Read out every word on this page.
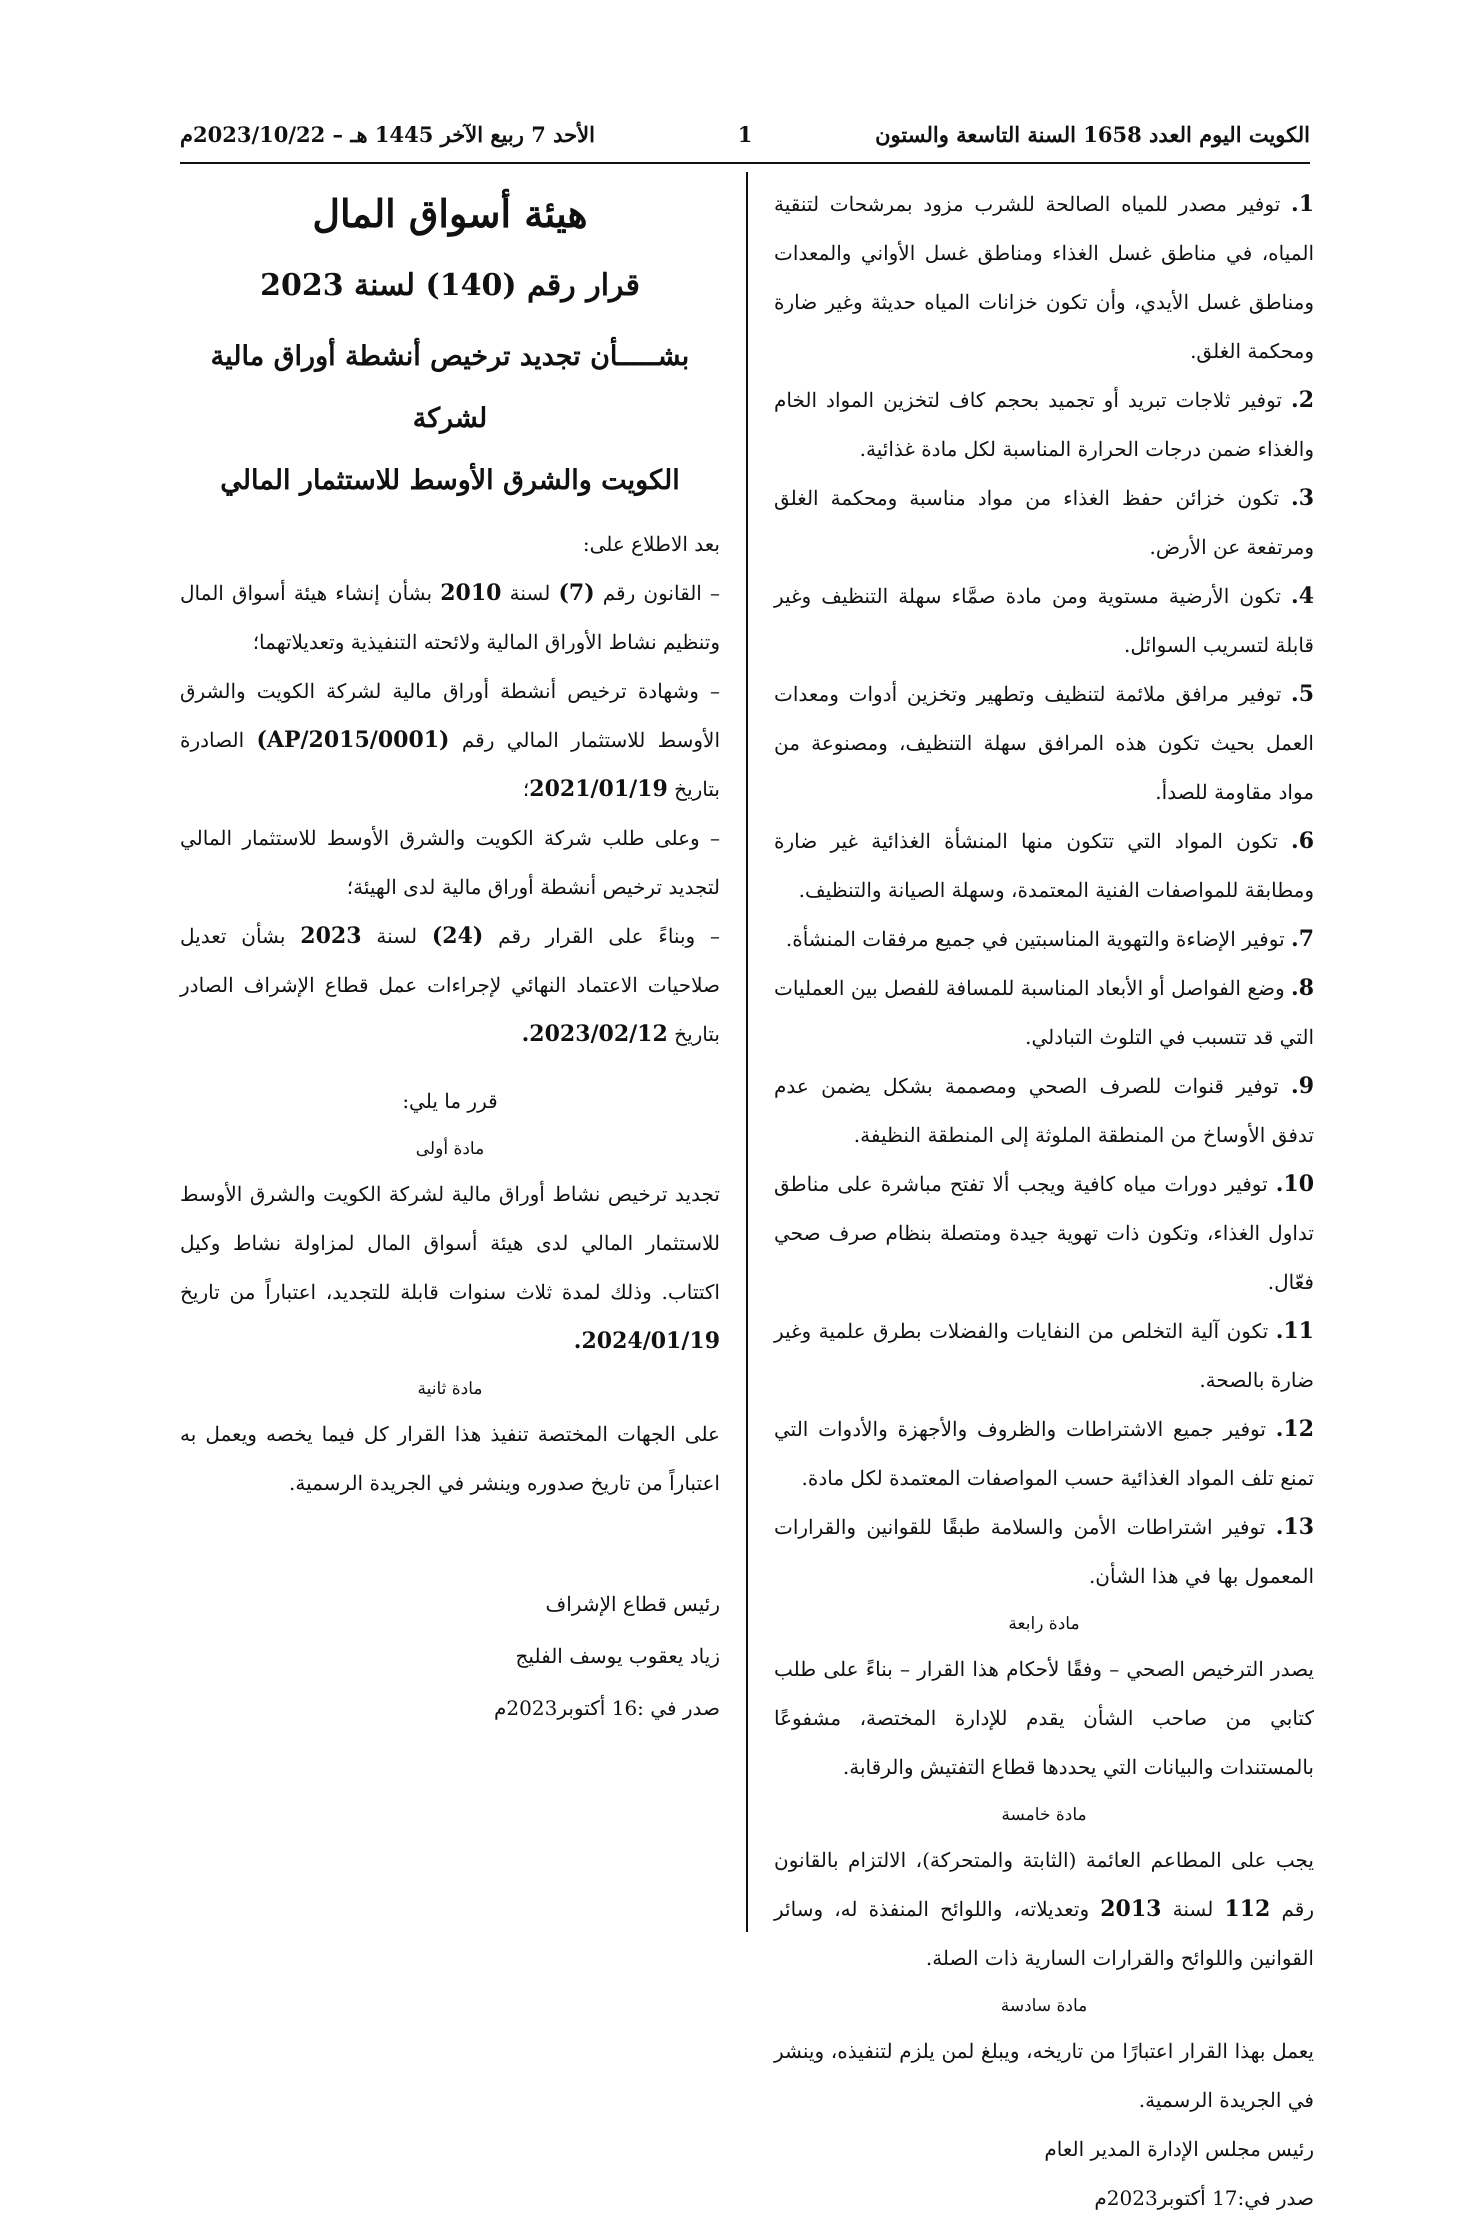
الكويت اليوم العدد 1658 السنة التاسعة والستون
1
الأحد 7 ربيع الآخر 1445 هـ – 2023/10/22م

1. توفير مصدر للمياه الصالحة للشرب مزود بمرشحات لتنقية المياه، في مناطق غسل الغذاء ومناطق غسل الأواني والمعدات ومناطق غسل الأيدي، وأن تكون خزانات المياه حديثة وغير ضارة ومحكمة الغلق.

2. توفير ثلاجات تبريد أو تجميد بحجم كاف لتخزين المواد الخام والغذاء ضمن درجات الحرارة المناسبة لكل مادة غذائية.

3. تكون خزائن حفظ الغذاء من مواد مناسبة ومحكمة الغلق ومرتفعة عن الأرض.

4. تكون الأرضية مستوية ومن مادة صمَّاء سهلة التنظيف وغير قابلة لتسريب السوائل.

5. توفير مرافق ملائمة لتنظيف وتطهير وتخزين أدوات ومعدات العمل بحيث تكون هذه المرافق سهلة التنظيف، ومصنوعة من مواد مقاومة للصدأ.

6. تكون المواد التي تتكون منها المنشأة الغذائية غير ضارة ومطابقة للمواصفات الفنية المعتمدة، وسهلة الصيانة والتنظيف.

7. توفير الإضاءة والتهوية المناسبتين في جميع مرفقات المنشأة.

8. وضع الفواصل أو الأبعاد المناسبة للمسافة للفصل بين العمليات التي قد تتسبب في التلوث التبادلي.

9. توفير قنوات للصرف الصحي ومصممة بشكل يضمن عدم تدفق الأوساخ من المنطقة الملوثة إلى المنطقة النظيفة.

10. توفير دورات مياه كافية ويجب ألا تفتح مباشرة على مناطق تداول الغذاء، وتكون ذات تهوية جيدة ومتصلة بنظام صرف صحي فعّال.

11. تكون آلية التخلص من النفايات والفضلات بطرق علمية وغير ضارة بالصحة.

12. توفير جميع الاشتراطات والظروف والأجهزة والأدوات التي تمنع تلف المواد الغذائية حسب المواصفات المعتمدة لكل مادة.

13. توفير اشتراطات الأمن والسلامة طبقًا للقوانين والقرارات المعمول بها في هذا الشأن.

مادة رابعة

يصدر الترخيص الصحي – وفقًا لأحكام هذا القرار – بناءً على طلب كتابي من صاحب الشأن يقدم للإدارة المختصة، مشفوعًا بالمستندات والبيانات التي يحددها قطاع التفتيش والرقابة.

مادة خامسة

يجب على المطاعم العائمة (الثابتة والمتحركة)، الالتزام بالقانون رقم 112 لسنة 2013 وتعديلاته، واللوائح المنفذة له، وسائر القوانين واللوائح والقرارات السارية ذات الصلة.

مادة سادسة

يعمل بهذا القرار اعتبارًا من تاريخه، ويبلغ لمن يلزم لتنفيذه، وينشر في الجريدة الرسمية.

رئيس مجلس الإدارة المدير العام

صدر في:17 أكتوبر2023م

هيئة أسواق المال
قرار رقم (140) لسنة 2023
بشـــــأن تجديد ترخيص أنشطة أوراق مالية لشركة
الكويت والشرق الأوسط للاستثمار المالي

بعد الاطلاع على:

– القانون رقم (7) لسنة 2010 بشأن إنشاء هيئة أسواق المال وتنظيم نشاط الأوراق المالية ولائحته التنفيذية وتعديلاتهما؛

– وشهادة ترخيص أنشطة أوراق مالية لشركة الكويت والشرق الأوسط للاستثمار المالي رقم (AP/2015/0001) الصادرة بتاريخ 2021/01/19؛

– وعلى طلب شركة الكويت والشرق الأوسط للاستثمار المالي لتجديد ترخيص أنشطة أوراق مالية لدى الهيئة؛

– وبناءً على القرار رقم (24) لسنة 2023 بشأن تعديل صلاحيات الاعتماد النهائي لإجراءات عمل قطاع الإشراف الصادر بتاريخ 2023/02/12.

قرر ما يلي:

مادة أولى

تجديد ترخيص نشاط أوراق مالية لشركة الكويت والشرق الأوسط للاستثمار المالي لدى هيئة أسواق المال لمزاولة نشاط وكيل اكتتاب. وذلك لمدة ثلاث سنوات قابلة للتجديد، اعتباراً من تاريخ 2024/01/19.

مادة ثانية

على الجهات المختصة تنفيذ هذا القرار كل فيما يخصه ويعمل به اعتباراً من تاريخ صدوره وينشر في الجريدة الرسمية.

رئيس قطاع الإشراف

زياد يعقوب يوسف الفليج

صدر في :16 أكتوبر2023م
